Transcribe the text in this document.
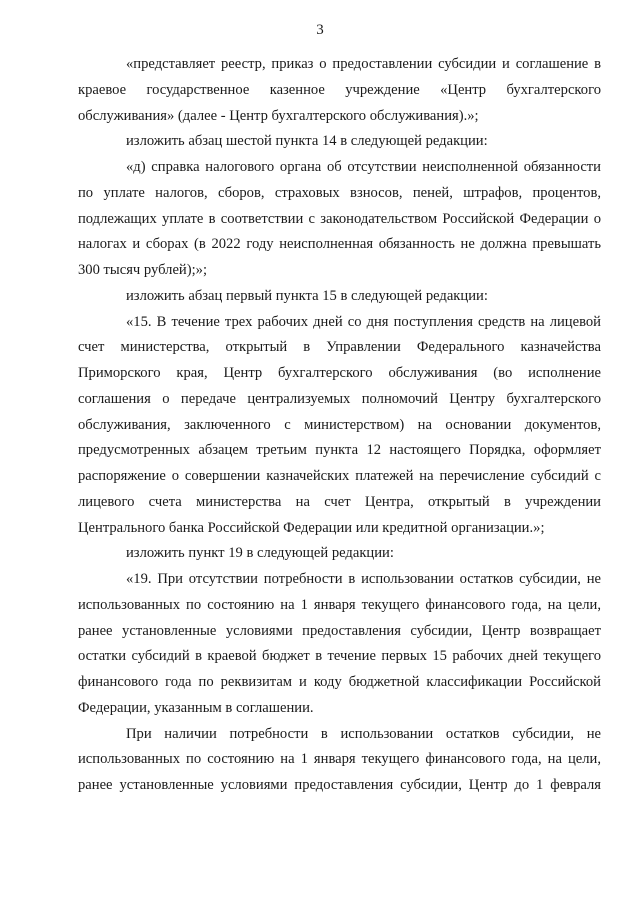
3

«представляет реестр, приказ о предоставлении субсидии и соглашение в краевое государственное казенное учреждение «Центр бухгалтерского обслуживания» (далее - Центр бухгалтерского обслуживания).»;

изложить абзац шестой пункта 14 в следующей редакции:

«д) справка налогового органа об отсутствии неисполненной обязанности по уплате налогов, сборов, страховых взносов, пеней, штрафов, процентов, подлежащих уплате в соответствии с законодательством Российской Федерации о налогах и сборах (в 2022 году неисполненная обязанность не должна превышать 300 тысяч рублей);»;

изложить абзац первый пункта 15 в следующей редакции:

«15. В течение трех рабочих дней со дня поступления средств на лицевой счет министерства, открытый в Управлении Федерального казначейства Приморского края, Центр бухгалтерского обслуживания (во исполнение соглашения о передаче централизуемых полномочий Центру бухгалтерского обслуживания, заключенного с министерством) на основании документов, предусмотренных абзацем третьим пункта 12 настоящего Порядка, оформляет распоряжение о совершении казначейских платежей на перечисление субсидий с лицевого счета министерства на счет Центра, открытый в учреждении Центрального банка Российской Федерации или кредитной организации.»;

изложить пункт 19 в следующей редакции:

«19. При отсутствии потребности в использовании остатков субсидии, не использованных по состоянию на 1 января текущего финансового года, на цели, ранее установленные условиями предоставления субсидии, Центр возвращает остатки субсидий в краевой бюджет в течение первых 15 рабочих дней текущего финансового года по реквизитам и коду бюджетной классификации Российской Федерации, указанным в соглашении.

При наличии потребности в использовании остатков субсидии, не использованных по состоянию на 1 января текущего финансового года, на цели, ранее установленные условиями предоставления субсидии, Центр до 1 февраля
